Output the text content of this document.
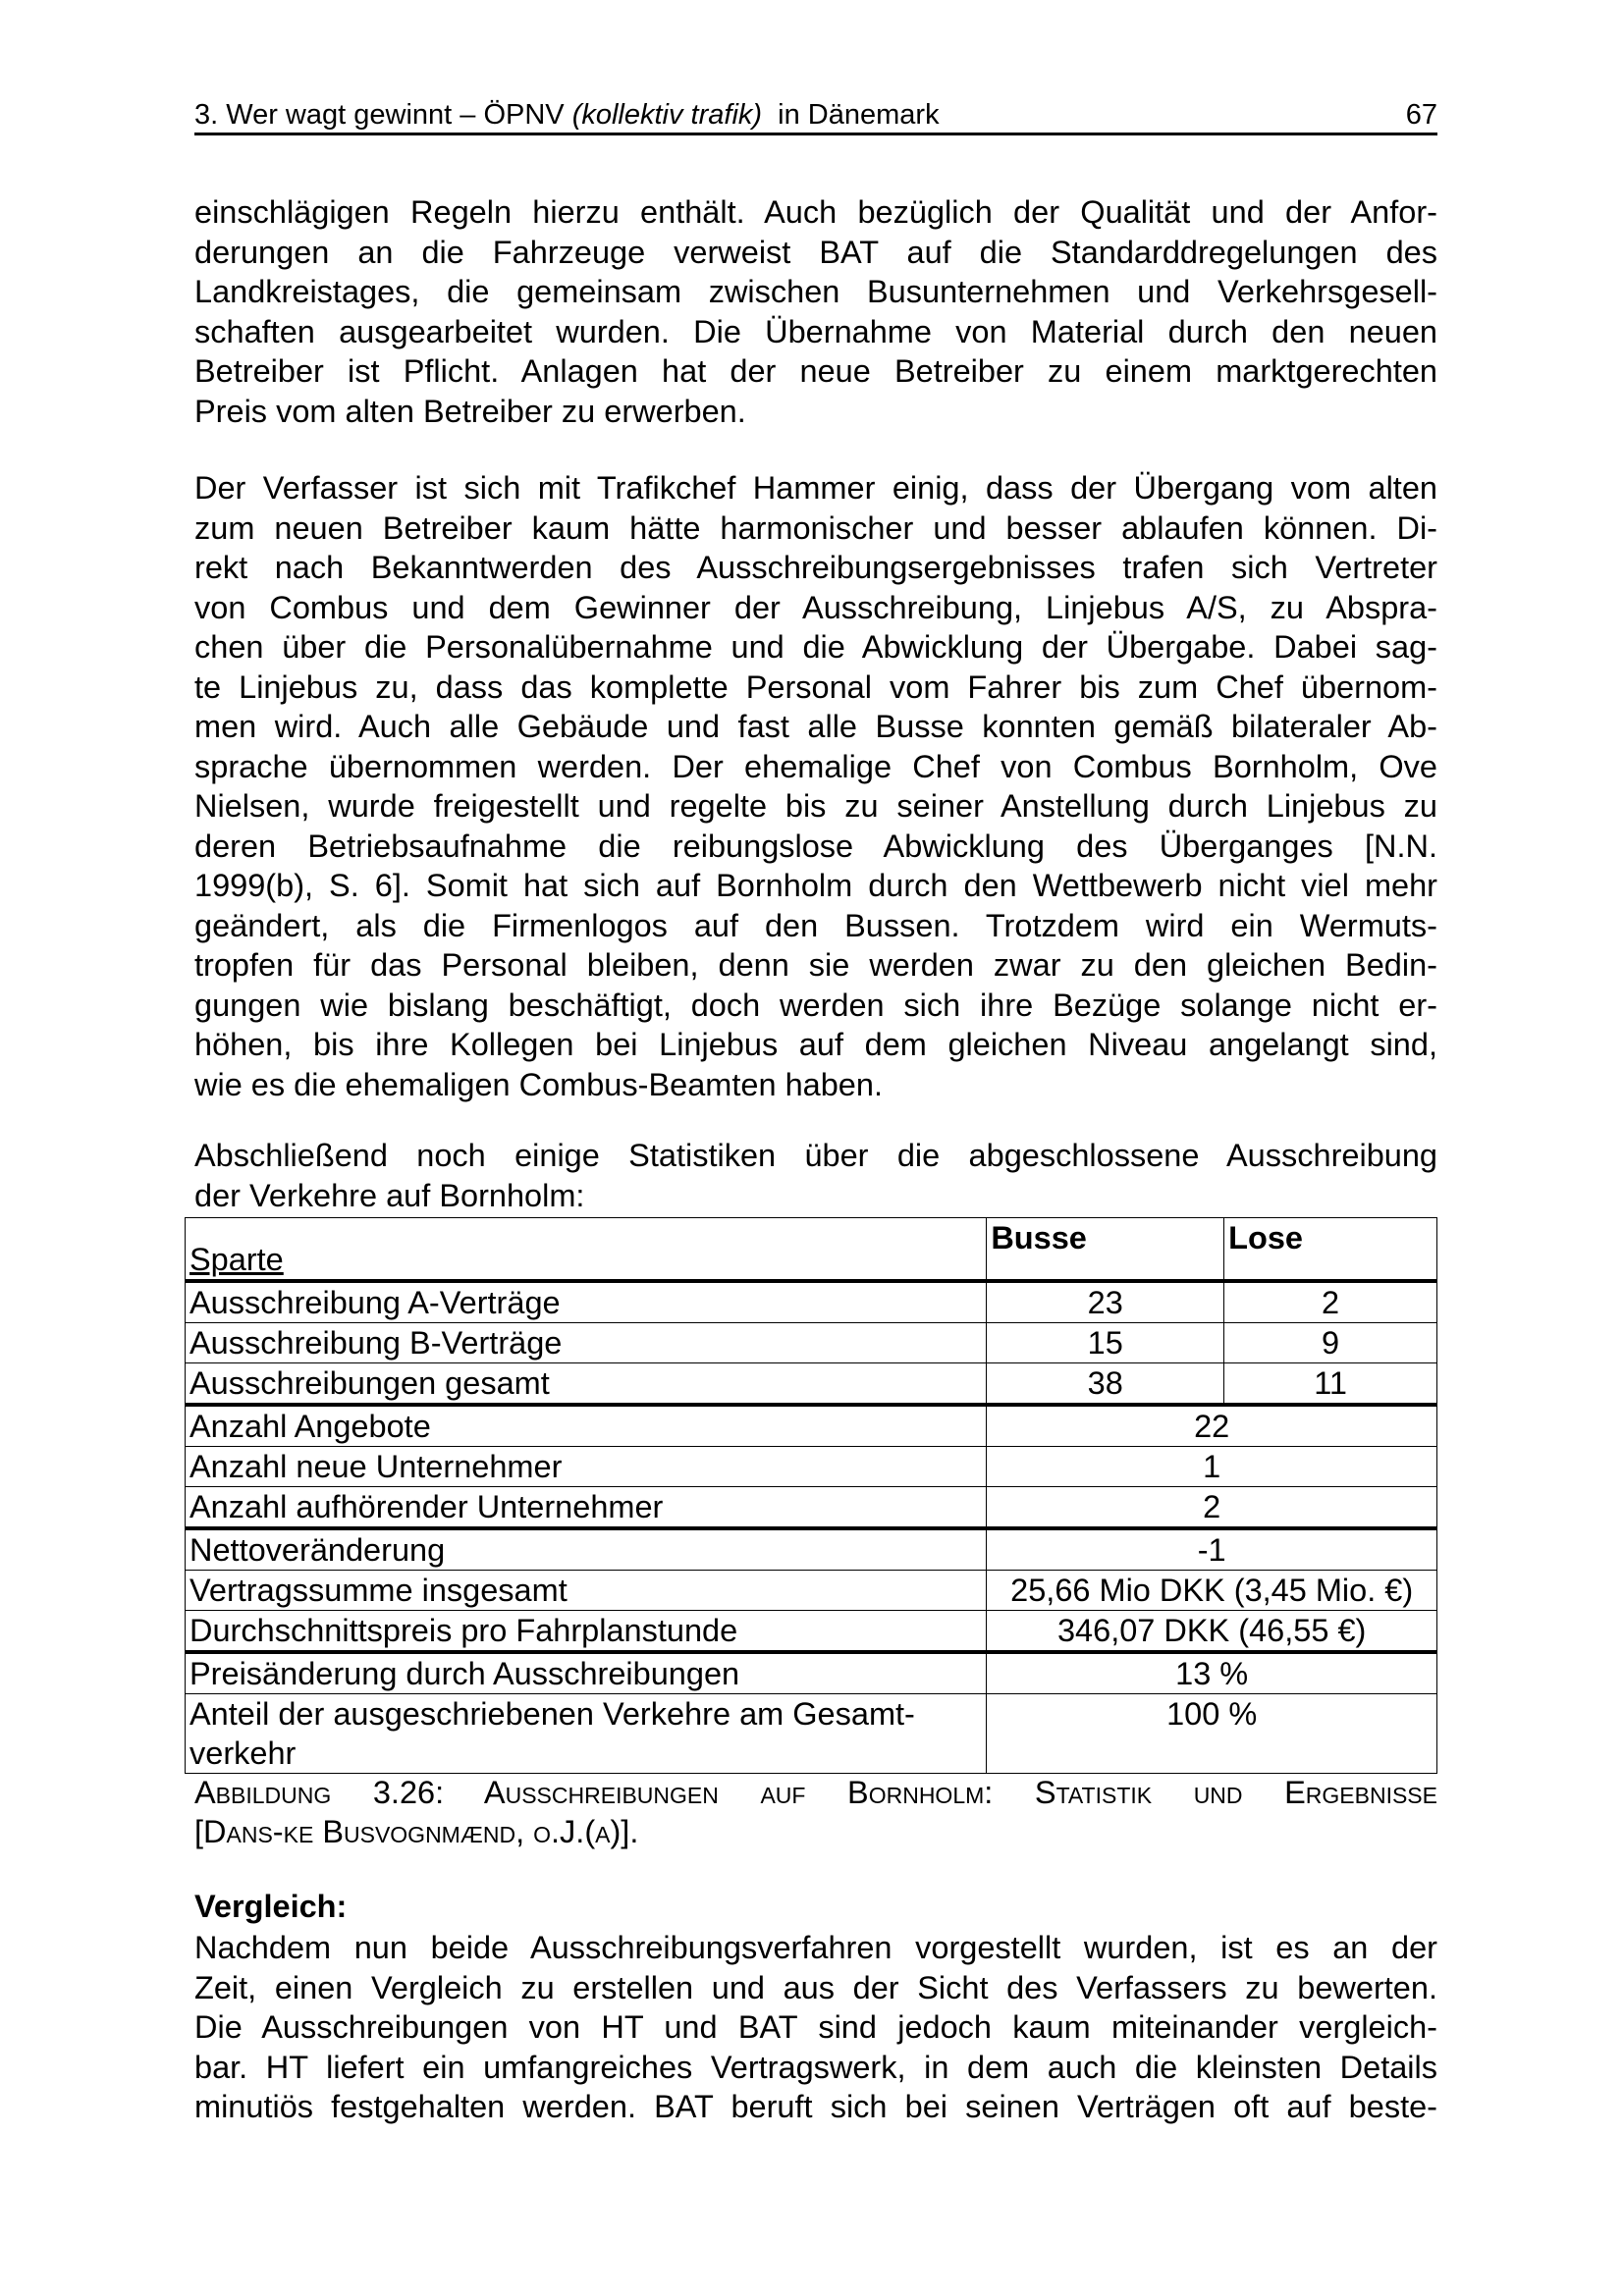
3. Wer wagt gewinnt – ÖPNV (kollektiv trafik)  in Dänemark	67
einschlägigen Regeln hierzu enthält. Auch bezüglich der Qualität und der Anfor-
derungen an die Fahrzeuge verweist BAT auf die Standarddregelungen des
Landkreistages, die gemeinsam zwischen Busunternehmen und Verkehrsgesell-
schaften ausgearbeitet wurden. Die Übernahme von Material durch den neuen
Betreiber ist Pflicht. Anlagen hat der neue Betreiber zu einem marktgerechten
Preis vom alten Betreiber zu erwerben.
Der Verfasser ist sich mit Trafikchef Hammer einig, dass der Übergang vom alten
zum neuen Betreiber kaum hätte harmonischer und besser ablaufen können. Di-
rekt nach Bekanntwerden des Ausschreibungsergebnisses trafen sich Vertreter
von Combus und dem Gewinner der Ausschreibung, Linjebus A/S, zu Abspra-
chen über die Personalübernahme und die Abwicklung der Übergabe. Dabei sag-
te Linjebus zu, dass das komplette Personal vom Fahrer bis zum Chef übernom-
men wird. Auch alle Gebäude und fast alle Busse konnten gemäß bilateraler Ab-
sprache übernommen werden. Der ehemalige Chef von Combus Bornholm, Ove
Nielsen, wurde freigestellt und regelte bis zu seiner Anstellung durch Linjebus zu
deren Betriebsaufnahme die reibungslose Abwicklung des Überganges [N.N.
1999(b), S. 6]. Somit hat sich auf Bornholm durch den Wettbewerb nicht viel mehr
geändert, als die Firmenlogos auf den Bussen. Trotzdem wird ein Wermuts-
tropfen für das Personal bleiben, denn sie werden zwar zu den gleichen Bedin-
gungen wie bislang beschäftigt, doch werden sich ihre Bezüge solange nicht er-
höhen, bis ihre Kollegen bei Linjebus auf dem gleichen Niveau angelangt sind,
wie es die ehemaligen Combus-Beamten haben.
Abschließend noch einige Statistiken über die abgeschlossene Ausschreibung
der Verkehre auf Bornholm:
Sparte	Busse	Lose
Ausschreibung A-Verträge	23	2
Ausschreibung B-Verträge	15	9
Ausschreibungen gesamt	38	11
Anzahl Angebote	22	
Anzahl neue Unternehmer	1	
Anzahl aufhörender Unternehmer	2	
Nettoveränderung	-1	
Vertragssumme insgesamt	25,66 Mio DKK (3,45 Mio. €)	
Durchschnittspreis pro Fahrplanstunde	346,07 DKK (46,55 €)	
Preisänderung durch Ausschreibungen	13 %	
Anteil der ausgeschriebenen Verkehre am Gesamt-
verkehr	100 %	
Abbildung 3.26: Ausschreibungen auf Bornholm: Statistik und Ergebnisse
[Dans-ke Busvognmænd, o.J.(a)].
Vergleich:
Nachdem nun beide Ausschreibungsverfahren vorgestellt wurden, ist es an der
Zeit, einen Vergleich zu erstellen und aus der Sicht des Verfassers zu bewerten.
Die Ausschreibungen von HT und BAT sind jedoch kaum miteinander vergleich-
bar. HT liefert ein umfangreiches Vertragswerk, in dem auch die kleinsten Details
minutiös festgehalten werden. BAT beruft sich bei seinen Verträgen oft auf beste-
